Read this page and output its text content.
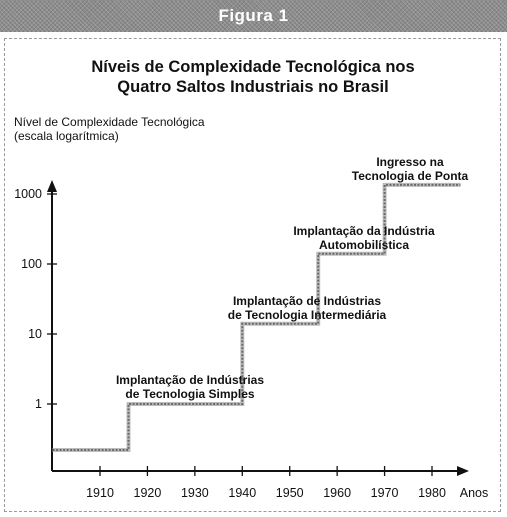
Figura 1
Níveis de Complexidade Tecnológica nos
Quatro Saltos Industriais no Brasil
Nível de Complexidade Tecnológica
(escala logarítmica)
1910 1920 1930 1940 1950 1960 1970 1980
1
10
100
1000
Implantação de Indústrias
de Tecnologia Simples
Implantação de Indústrias
de Tecnologia Intermediária
Implantação da Indústria
Automobilística
Ingresso na
Tecnologia de Ponta
Anos
